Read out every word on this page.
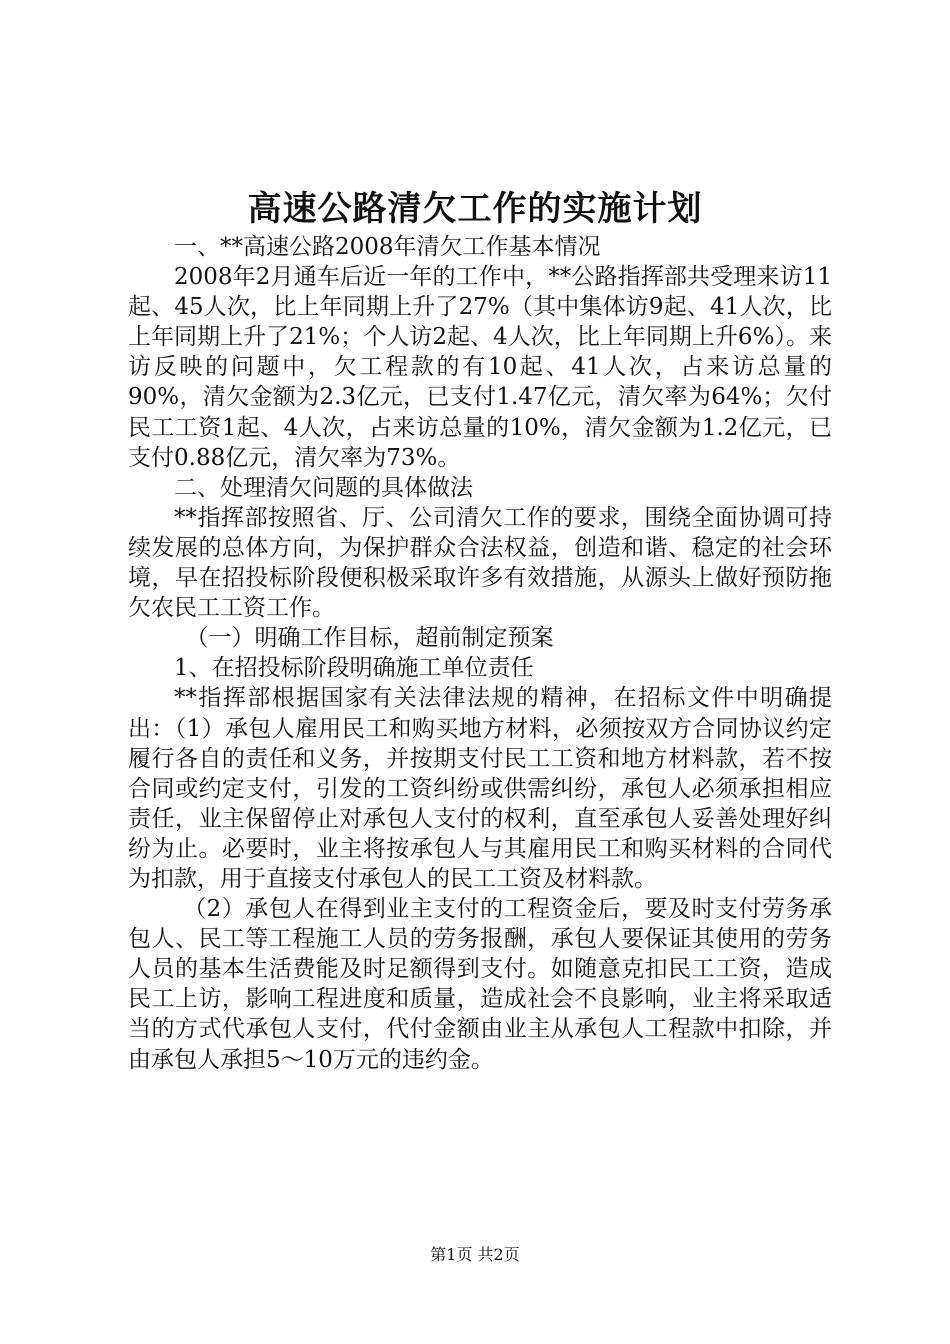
高速公路清欠工作的实施计划

一、**高速公路2008年清欠工作基本情况

2008年2月通车后近一年的工作中，**公路指挥部共受理来访11起、45人次，比上年同期上升了27%（其中集体访9起、41人次，比上年同期上升了21%；个人访2起、4人次，比上年同期上升6%）。来访反映的问题中，欠工程款的有10起、41人次，占来访总量的90%，清欠金额为2.3亿元，已支付1.47亿元，清欠率为64%；欠付民工工资1起、4人次，占来访总量的10%，清欠金额为1.2亿元，已支付0.88亿元，清欠率为73%。

二、处理清欠问题的具体做法

**指挥部按照省、厅、公司清欠工作的要求，围绕全面协调可持续发展的总体方向，为保护群众合法权益，创造和谐、稳定的社会环境，早在招投标阶段便积极采取许多有效措施，从源头上做好预防拖欠农民工工资工作。

（一）明确工作目标，超前制定预案

1、在招投标阶段明确施工单位责任

**指挥部根据国家有关法律法规的精神，在招标文件中明确提出：（1）承包人雇用民工和购买地方材料，必须按双方合同协议约定履行各自的责任和义务，并按期支付民工工资和地方材料款，若不按合同或约定支付，引发的工资纠纷或供需纠纷，承包人必须承担相应责任，业主保留停止对承包人支付的权利，直至承包人妥善处理好纠纷为止。必要时，业主将按承包人与其雇用民工和购买材料的合同代为扣款，用于直接支付承包人的民工工资及材料款。

（2）承包人在得到业主支付的工程资金后，要及时支付劳务承包人、民工等工程施工人员的劳务报酬，承包人要保证其使用的劳务人员的基本生活费能及时足额得到支付。如随意克扣民工工资，造成民工上访，影响工程进度和质量，造成社会不良影响，业主将采取适当的方式代承包人支付，代付金额由业主从承包人工程款中扣除，并由承包人承担5～10万元的违约金。

第1页 共2页
